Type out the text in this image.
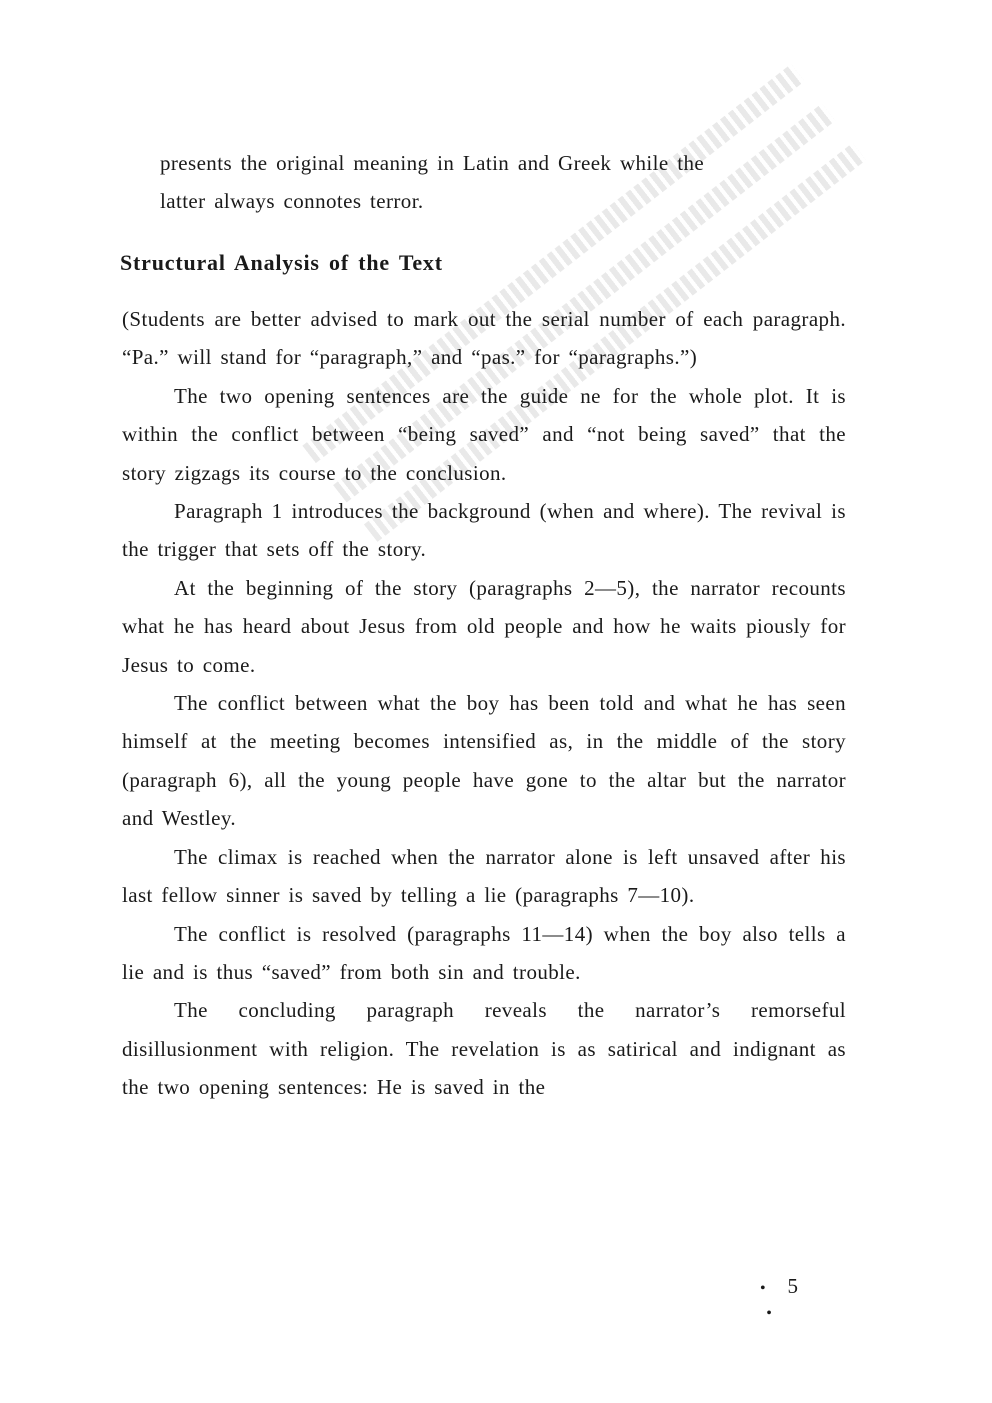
presents the original meaning in Latin and Greek while the

latter always connotes terror.

Structural Analysis of the Text

(Students are better advised to mark out the serial number of each paragraph. “Pa.” will stand for “paragraph,” and “pas.” for “paragraphs.”)

The two opening sentences are the guide ne for the whole plot. It is within the conflict between “being saved” and “not being saved” that the story zigzags its course to the conclusion.

Paragraph 1 introduces the background (when and where). The revival is the trigger that sets off the story.

At the beginning of the story (paragraphs 2—5), the narrator recounts what he has heard about Jesus from old people and how he waits piously for Jesus to come.

The conflict between what the boy has been told and what he has seen himself at the meeting becomes intensified as, in the middle of the story (paragraph 6), all the young people have gone to the altar but the narrator and Westley.

The climax is reached when the narrator alone is left unsaved after his last fellow sinner is saved by telling a lie (paragraphs 7—10).

The conflict is resolved (paragraphs 11—14) when the boy also tells a lie and is thus “saved” from both sin and trouble.

The concluding paragraph reveals the narrator’s remorseful disillusionment with religion. The revelation is as satirical and indignant as the two opening sentences: He is saved in the

• 5•
